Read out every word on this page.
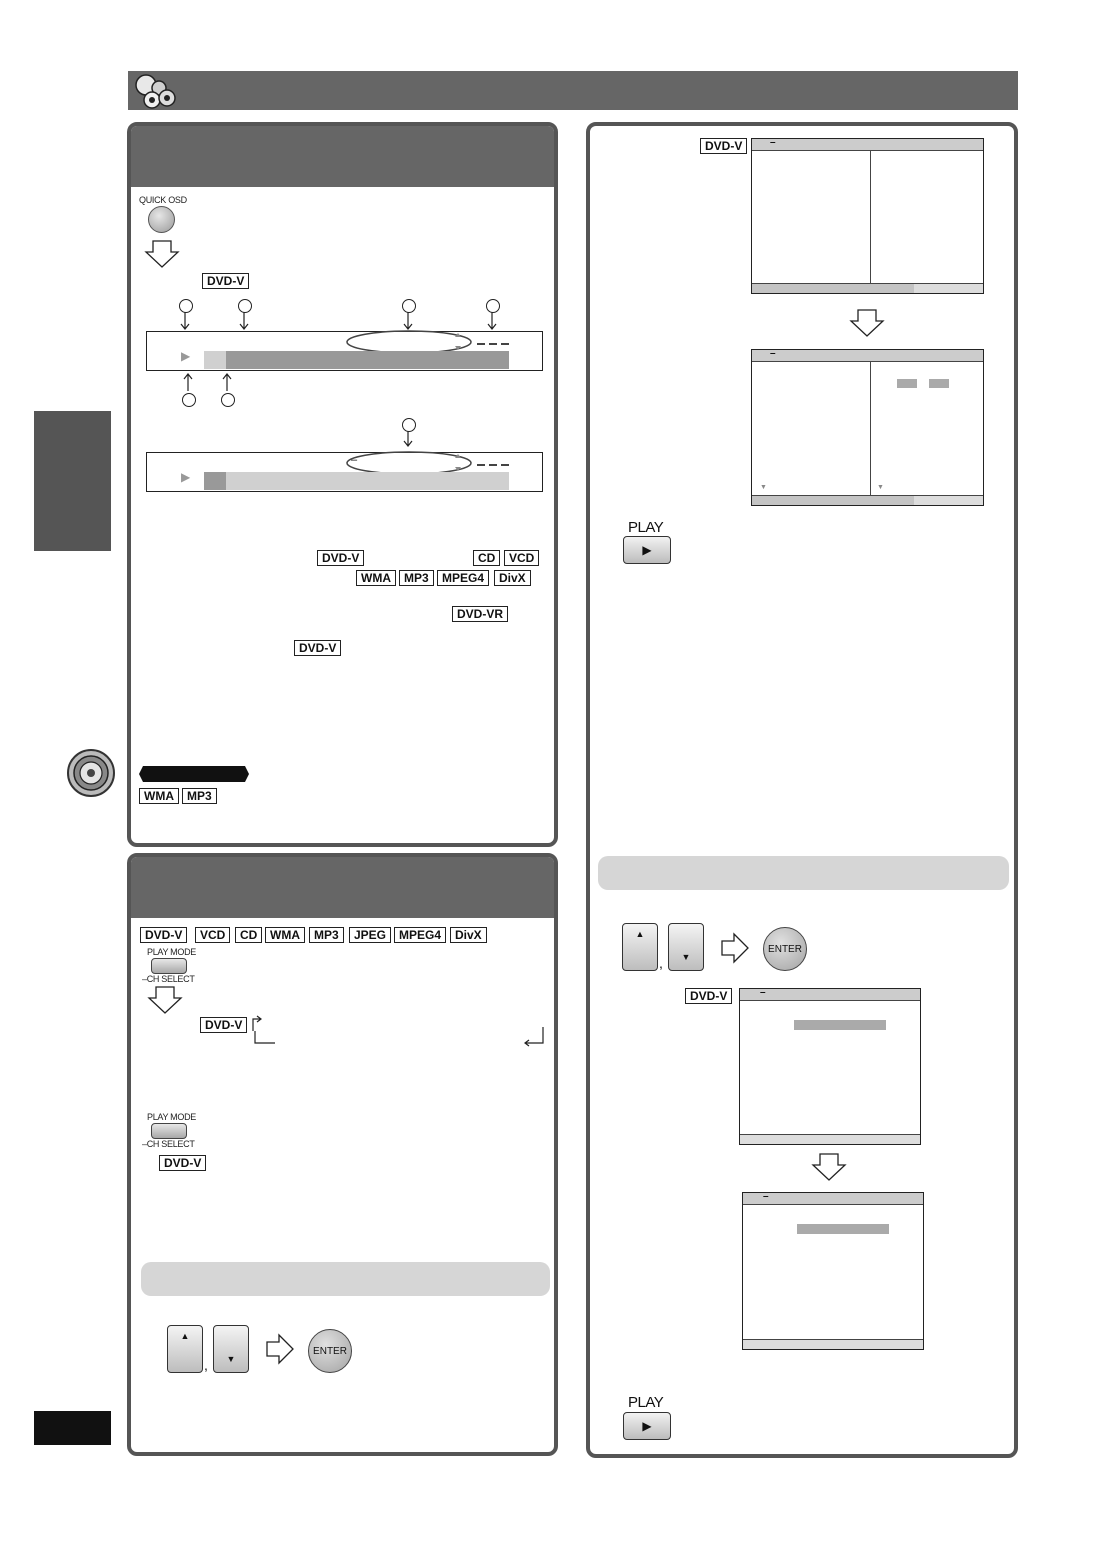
QUICK OSD
DVD-V
▶
–
▶
DVD-V	CD	VCD
WMA	MP3	MPEG4	DivX
DVD-VR
DVD-V
WMA	MP3
DVD-V	VCD	CD	WMA	MP3	JPEG	MPEG4	DivX
PLAY MODE
–CH SELECT
DVD-V
PLAY MODE
–CH SELECT
DVD-V
▲
, ▼
ENTER
DVD-V	–
–
▼	▼
PLAY
▶
▲
, ▼
ENTER
DVD-V	–
–
PLAY
▶
